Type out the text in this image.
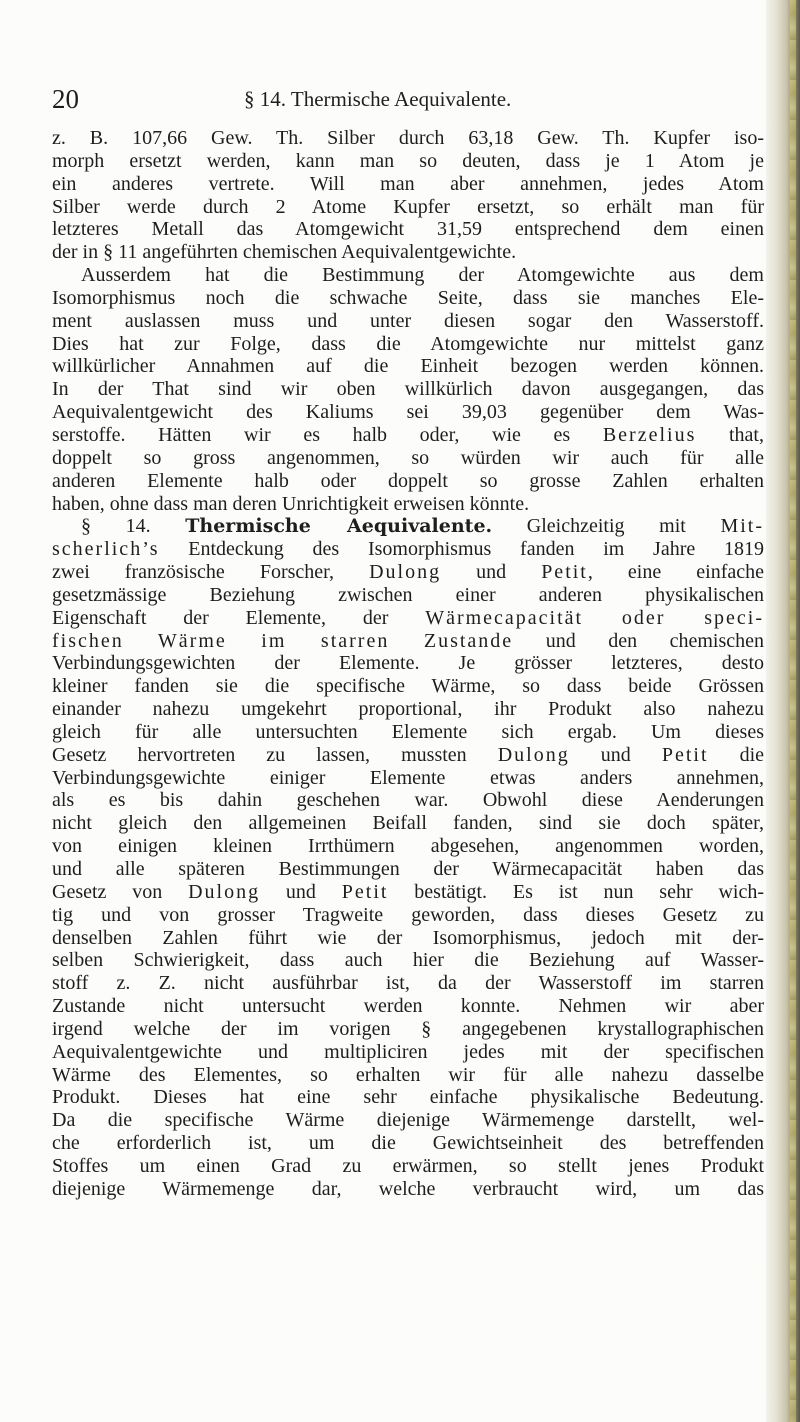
20	§ 14. Thermische Aequivalente.
z. B. 107,66 Gew. Th. Silber durch 63,18 Gew. Th. Kupfer iso-
morph ersetzt werden, kann man so deuten, dass je 1 Atom je
ein anderes vertrete. Will man aber annehmen, jedes Atom
Silber werde durch 2 Atome Kupfer ersetzt, so erhält man für
letzteres Metall das Atomgewicht 31,59 entsprechend dem einen
der in § 11 angeführten chemischen Aequivalentgewichte.
Ausserdem hat die Bestimmung der Atomgewichte aus dem
Isomorphismus noch die schwache Seite, dass sie manches Ele-
ment auslassen muss und unter diesen sogar den Wasserstoff.
Dies hat zur Folge, dass die Atomgewichte nur mittelst ganz
willkürlicher Annahmen auf die Einheit bezogen werden können.
In der That sind wir oben willkürlich davon ausgegangen, das
Aequivalentgewicht des Kaliums sei 39,03 gegenüber dem Was-
serstoffe. Hätten wir es halb oder, wie es Berzelius that,
doppelt so gross angenommen, so würden wir auch für alle
anderen Elemente halb oder doppelt so grosse Zahlen erhalten
haben, ohne dass man deren Unrichtigkeit erweisen könnte.
§ 14. Thermische Aequivalente. Gleichzeitig mit Mit-
scherlich’s Entdeckung des Isomorphismus fanden im Jahre 1819
zwei französische Forscher, Dulong und Petit, eine einfache
gesetzmässige Beziehung zwischen einer anderen physikalischen
Eigenschaft der Elemente, der Wärmecapacität oder speci-
fischen Wärme im starren Zustande und den chemischen
Verbindungsgewichten der Elemente. Je grösser letzteres, desto
kleiner fanden sie die specifische Wärme, so dass beide Grössen
einander nahezu umgekehrt proportional, ihr Produkt also nahezu
gleich für alle untersuchten Elemente sich ergab. Um dieses
Gesetz hervortreten zu lassen, mussten Dulong und Petit die
Verbindungsgewichte einiger Elemente etwas anders annehmen,
als es bis dahin geschehen war. Obwohl diese Aenderungen
nicht gleich den allgemeinen Beifall fanden, sind sie doch später,
von einigen kleinen Irrthümern abgesehen, angenommen worden,
und alle späteren Bestimmungen der Wärmecapacität haben das
Gesetz von Dulong und Petit bestätigt. Es ist nun sehr wich-
tig und von grosser Tragweite geworden, dass dieses Gesetz zu
denselben Zahlen führt wie der Isomorphismus, jedoch mit der-
selben Schwierigkeit, dass auch hier die Beziehung auf Wasser-
stoff z. Z. nicht ausführbar ist, da der Wasserstoff im starren
Zustande nicht untersucht werden konnte. Nehmen wir aber
irgend welche der im vorigen § angegebenen krystallographischen
Aequivalentgewichte und multipliciren jedes mit der specifischen
Wärme des Elementes, so erhalten wir für alle nahezu dasselbe
Produkt. Dieses hat eine sehr einfache physikalische Bedeutung.
Da die specifische Wärme diejenige Wärmemenge darstellt, wel-
che erforderlich ist, um die Gewichtseinheit des betreffenden
Stoffes um einen Grad zu erwärmen, so stellt jenes Produkt
diejenige Wärmemenge dar, welche verbraucht wird, um das
